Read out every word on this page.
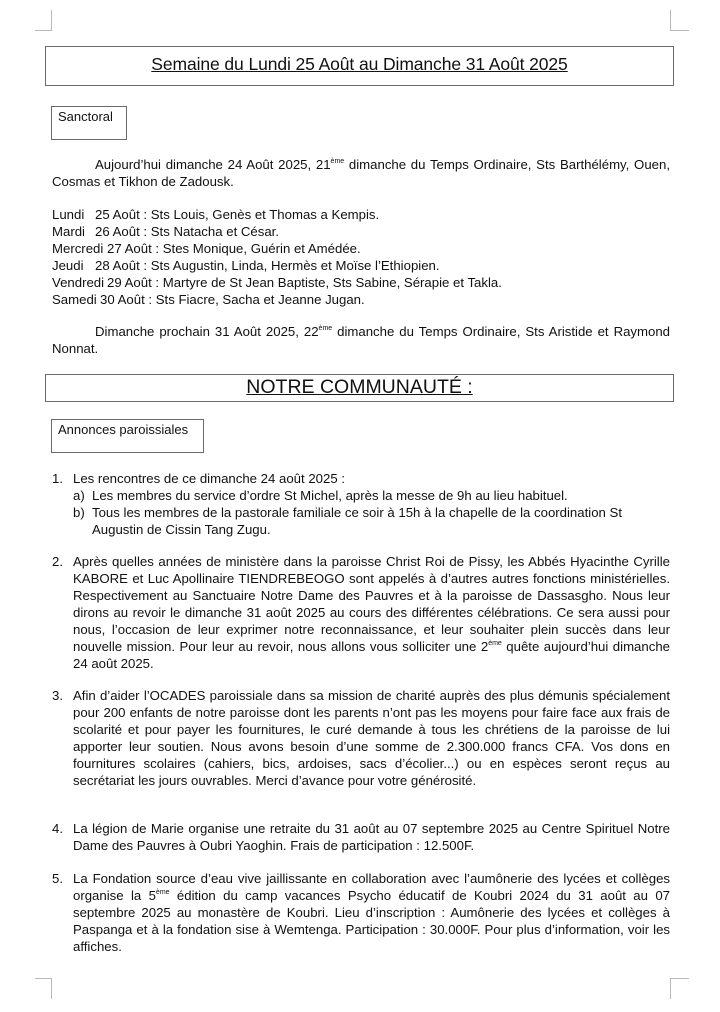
Semaine du Lundi 25 Août au Dimanche 31 Août 2025
Sanctoral
Aujourd’hui dimanche 24 Août 2025, 21ème dimanche du Temps Ordinaire, Sts Barthélémy, Ouen, Cosmas et Tikhon de Zadousk.
Lundi 25 Août : Sts Louis, Genès et Thomas a Kempis.
Mardi 26 Août : Sts Natacha et César.
Mercredi 27 Août : Stes Monique, Guérin et Amédée.
Jeudi 28 Août : Sts Augustin, Linda, Hermès et Moïse l’Ethiopien.
Vendredi 29 Août : Martyre de St Jean Baptiste, Sts Sabine, Sérapie et Takla.
Samedi 30 Août : Sts Fiacre, Sacha et Jeanne Jugan.
Dimanche prochain 31 Août 2025, 22ème dimanche du Temps Ordinaire, Sts Aristide et Raymond Nonnat.
NOTRE COMMUNAUTÉ :
Annonces paroissiales
1. Les rencontres de ce dimanche 24 août 2025 :
a) Les membres du service d’ordre St Michel, après la messe de 9h au lieu habituel.
b) Tous les membres de la pastorale familiale ce soir à 15h à la chapelle de la coordination St Augustin de Cissin Tang Zugu.
2. Après quelles années de ministère dans la paroisse Christ Roi de Pissy, les Abbés Hyacinthe Cyrille KABORE et Luc Apollinaire TIENDREBEOGO sont appelés à d’autres autres fonctions ministérielles. Respectivement au Sanctuaire Notre Dame des Pauvres et à la paroisse de Dassasgho. Nous leur dirons au revoir le dimanche 31 août 2025 au cours des différentes célébrations. Ce sera aussi pour nous, l’occasion de leur exprimer notre reconnaissance, et leur souhaiter plein succès dans leur nouvelle mission. Pour leur au revoir, nous allons vous solliciter une 2ème quête aujourd’hui dimanche 24 août 2025.
3. Afin d’aider l’OCADES paroissiale dans sa mission de charité auprès des plus démunis spécialement pour 200 enfants de notre paroisse dont les parents n’ont pas les moyens pour faire face aux frais de scolarité et pour payer les fournitures, le curé demande à tous les chrétiens de la paroisse de lui apporter leur soutien. Nous avons besoin d’une somme de 2.300.000 francs CFA. Vos dons en fournitures scolaires (cahiers, bics, ardoises, sacs d’écolier...) ou en espèces seront reçus au secrétariat les jours ouvrables. Merci d’avance pour votre générosité.
4. La légion de Marie organise une retraite du 31 août au 07 septembre 2025 au Centre Spirituel Notre Dame des Pauvres à Oubri Yaoghin. Frais de participation : 12.500F.
5. La Fondation source d’eau vive jaillissante en collaboration avec l’aumônerie des lycées et collèges organise la 5ème édition du camp vacances Psycho éducatif de Koubri 2024 du 31 août au 07 septembre 2025 au monastère de Koubri. Lieu d’inscription : Aumônerie des lycées et collèges à Paspanga et à la fondation sise à Wemtenga. Participation : 30.000F. Pour plus d’information, voir les affiches.
